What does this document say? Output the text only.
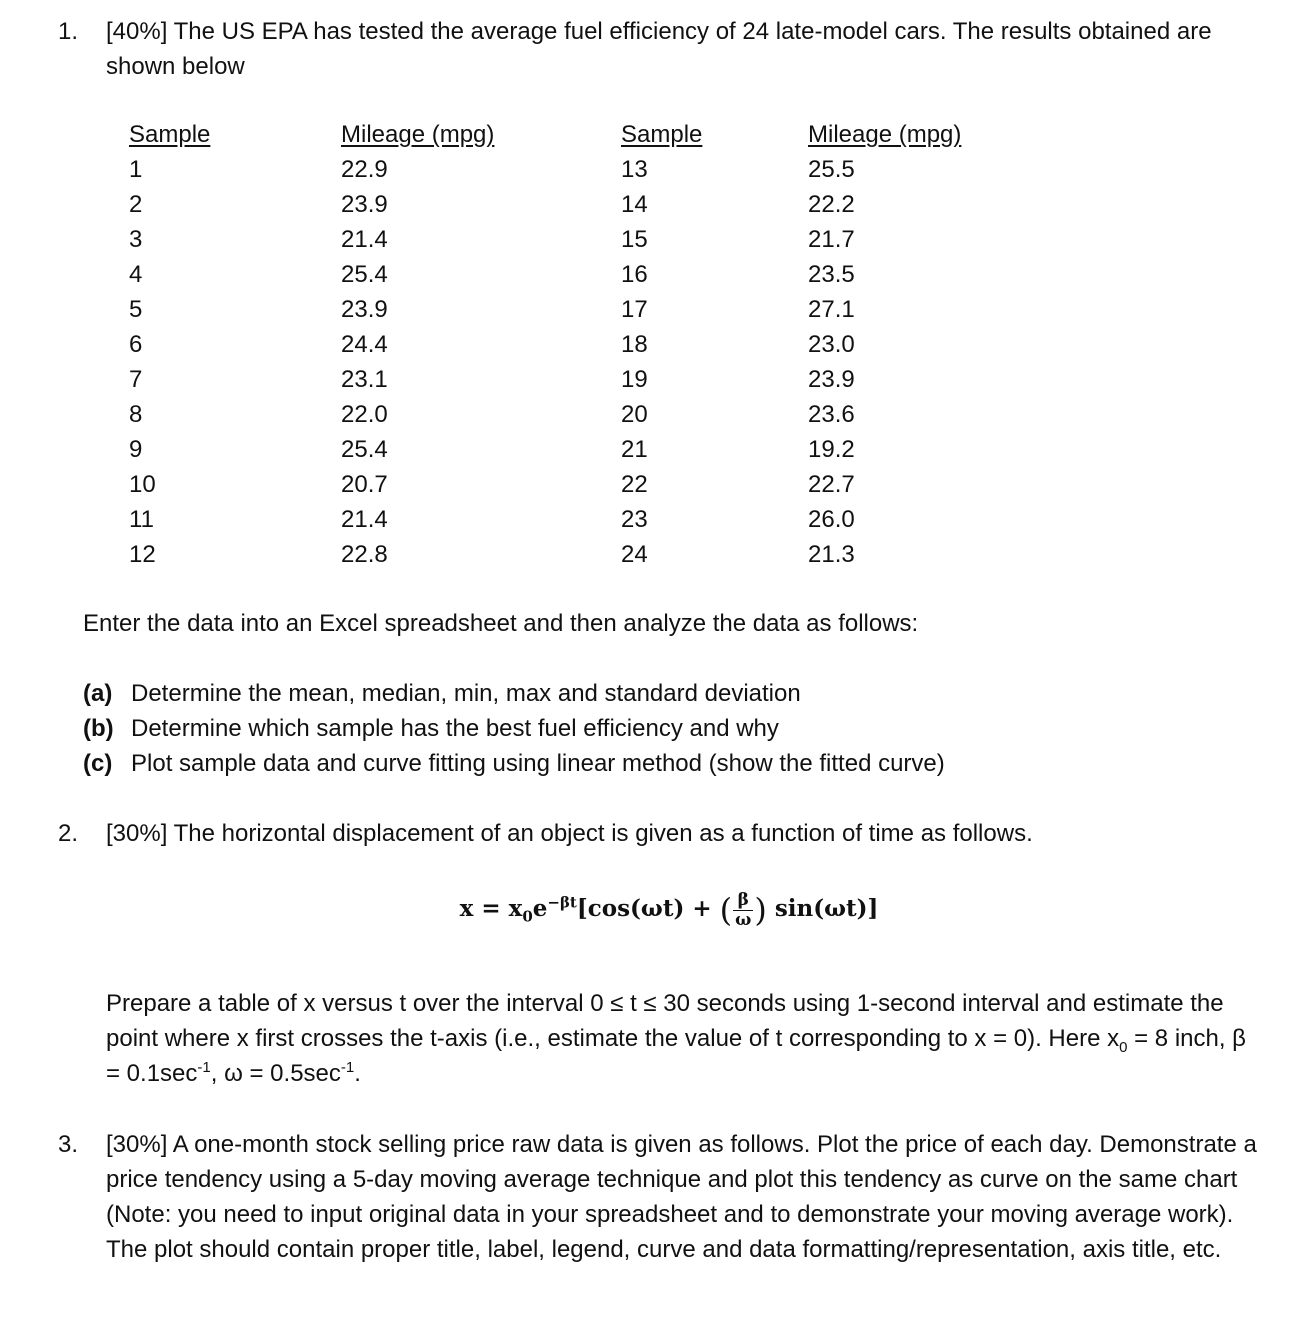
1. [40%] The US EPA has tested the average fuel efficiency of 24 late-model cars. The results obtained are shown below
Sample
1
2
3
4
5
6
7
8
9
10
11
12
Mileage (mpg)
22.9
23.9
21.4
25.4
23.9
24.4
23.1
22.0
25.4
20.7
21.4
22.8
Sample
13
14
15
16
17
18
19
20
21
22
23
24
Mileage (mpg)
25.5
22.2
21.7
23.5
27.1
23.0
23.9
23.6
19.2
22.7
26.0
21.3
Enter the data into an Excel spreadsheet and then analyze the data as follows:
(a) Determine the mean, median, min, max and standard deviation
(b) Determine which sample has the best fuel efficiency and why
(c) Plot sample data and curve fitting using linear method (show the fitted curve)
2. [30%] The horizontal displacement of an object is given as a function of time as follows.
$x = x_0e^{-\beta t}[\cos(\omega t)$ + ( $\frac{\beta}{\omega}$ ) sin(ωt)]
Prepare a table of x versus t over the interval 0 ≤ t ≤ 30 seconds using 1-second interval and estimate the point where x first crosses the t-axis (i.e., estimate the value of t corresponding to x = 0). Here $x_0 = 8$ inch, $\beta = 0.1\sec^{-1}$, $\omega = 0.5\sec^{-1}$.
3. [30%] A one-month stock selling price raw data is given as follows. Plot the price of each day. Demonstrate a price tendency using a 5-day moving average technique and plot this tendency as curve on the same chart (Note: you need to input original data in your spreadsheet and to demonstrate your moving average work). The plot should contain proper title, label, legend, curve and data formatting/representation, axis title, etc.
